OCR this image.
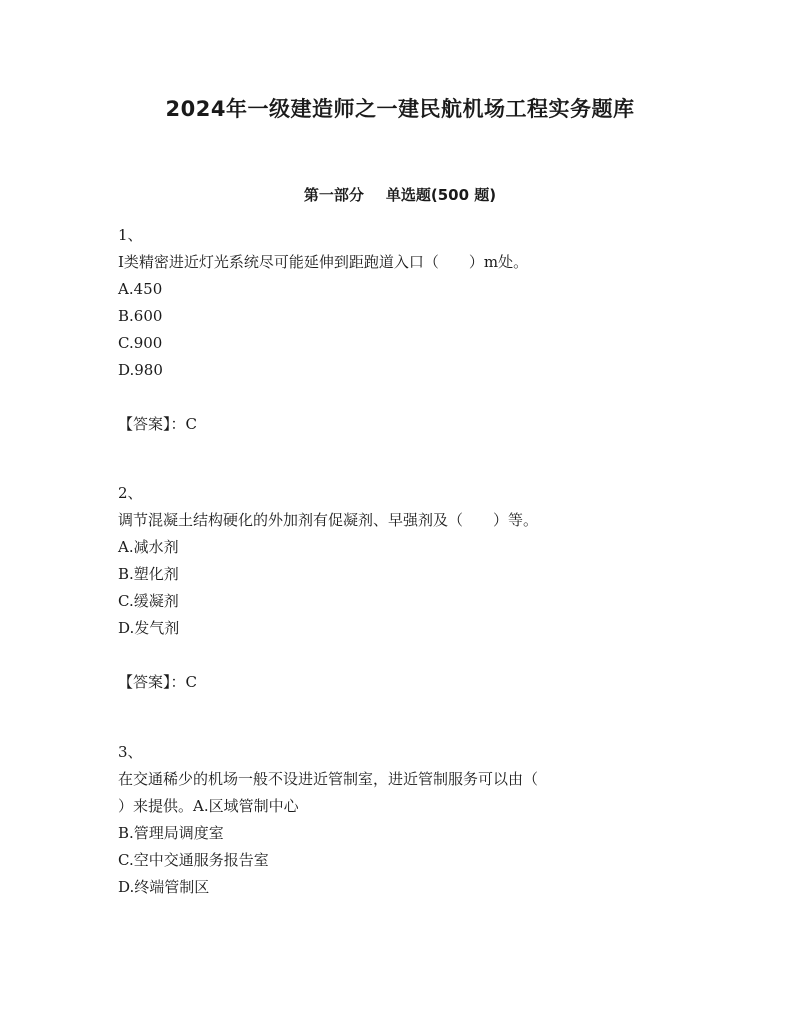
2024年一级建造师之一建民航机场工程实务题库
第一部分 单选题(500 题)
1、
I类精密进近灯光系统尽可能延伸到距跑道入口（　　）m处。
A.450
B.600
C.900
D.980
【答案】：C
2、
调节混凝土结构硬化的外加剂有促凝剂、早强剂及（　　）等。
A.减水剂
B.塑化剂
C.缓凝剂
D.发气剂
【答案】：C
3、
在交通稀少的机场一般不设进近管制室，进近管制服务可以由（
）来提供。A.区域管制中心
B.管理局调度室
C.空中交通服务报告室
D.终端管制区
